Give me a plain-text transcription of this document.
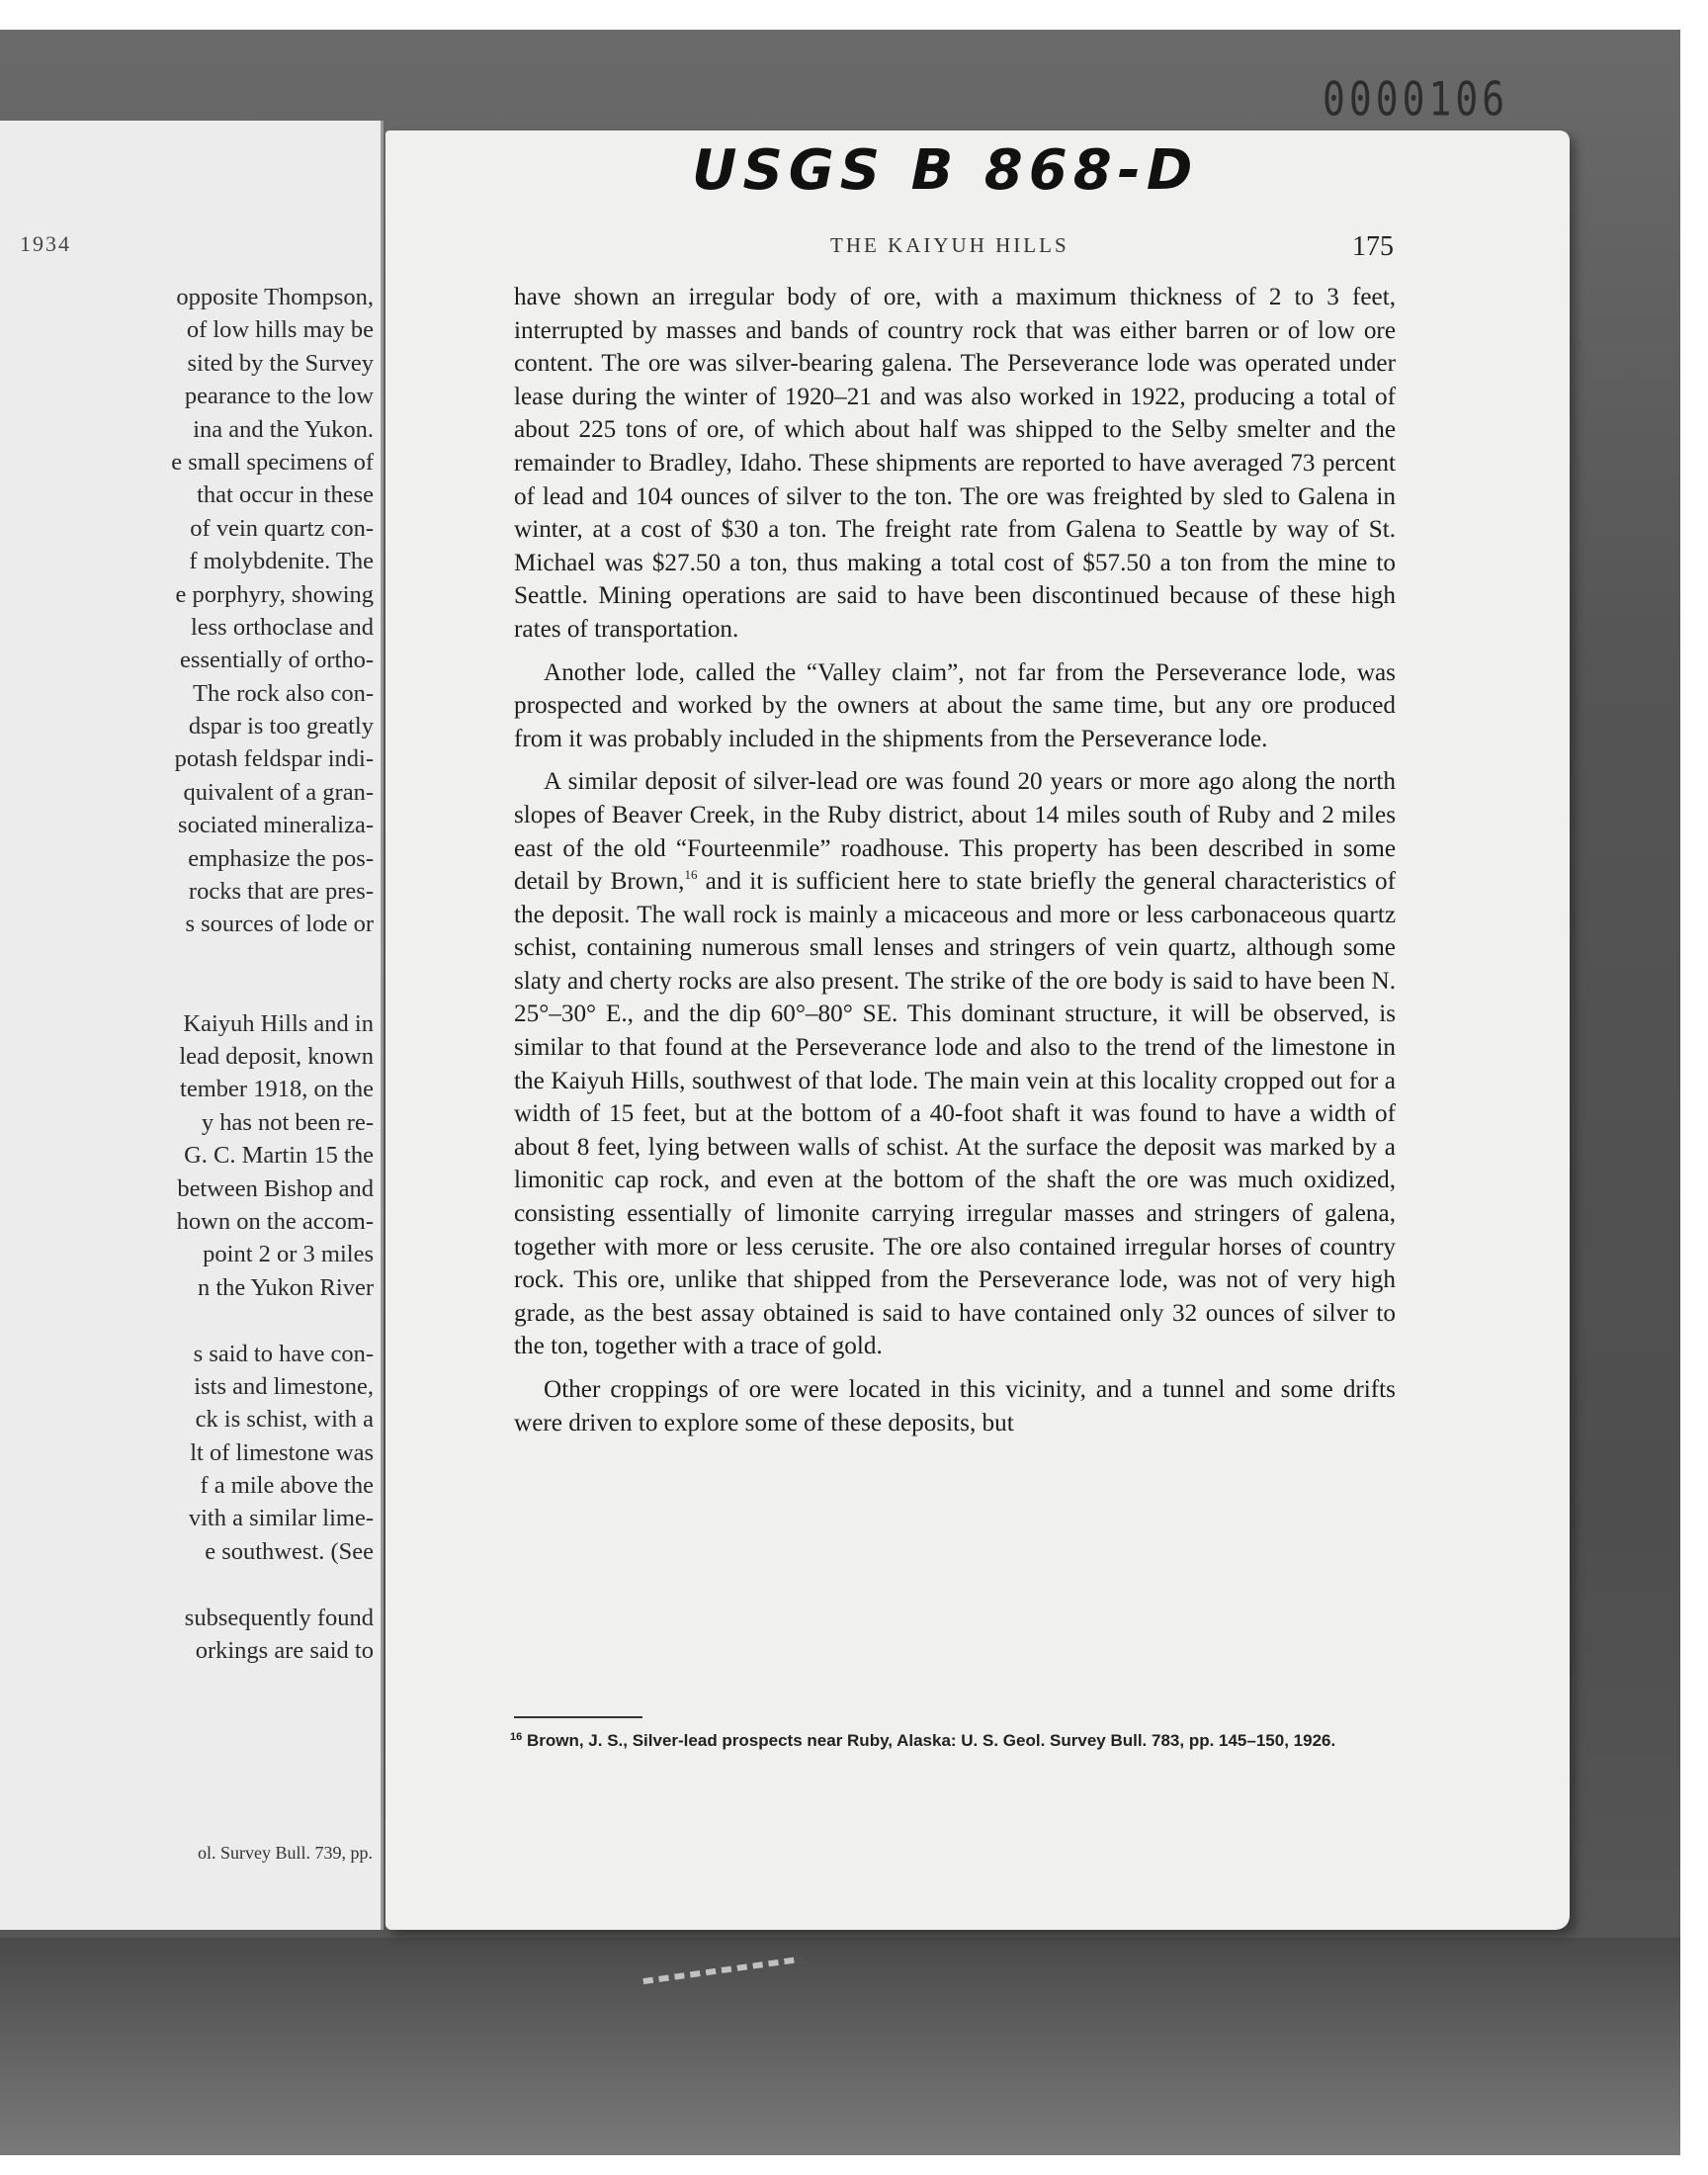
0000106
1934
opposite Thompson,
of low hills may be
sited by the Survey
pearance to the low
ina and the Yukon.
e small specimens of
that occur in these
of vein quartz con-
f molybdenite. The
e porphyry, showing
less orthoclase and
essentially of ortho-
The rock also con-
dspar is too greatly
potash feldspar indi-
quivalent of a gran-
sociated mineraliza-
emphasize the pos-
rocks that are pres-
s sources of lode or
Kaiyuh Hills and in
lead deposit, known
tember 1918, on the
y has not been re-
G. C. Martin 15 the
between Bishop and
hown on the accom-
point 2 or 3 miles
n the Yukon River
s said to have con-
ists and limestone,
ck is schist, with a
lt of limestone was
f a mile above the
vith a similar lime-
e southwest. (See
subsequently found
orkings are said to
ol. Survey Bull. 739, pp.
USGS B 868-D
THE KAIYUH HILLS	175

have shown an irregular body of ore, with a maximum thickness of 2 to 3 feet, interrupted by masses and bands of country rock that was either barren or of low ore content. The ore was silver-bearing galena. The Perseverance lode was operated under lease during the winter of 1920–21 and was also worked in 1922, producing a total of about 225 tons of ore, of which about half was shipped to the Selby smelter and the remainder to Bradley, Idaho. These shipments are reported to have averaged 73 percent of lead and 104 ounces of silver to the ton. The ore was freighted by sled to Galena in winter, at a cost of $30 a ton. The freight rate from Galena to Seattle by way of St. Michael was $27.50 a ton, thus making a total cost of $57.50 a ton from the mine to Seattle. Mining operations are said to have been discontinued because of these high rates of transportation.

Another lode, called the “Valley claim”, not far from the Perseverance lode, was prospected and worked by the owners at about the same time, but any ore produced from it was probably included in the shipments from the Perseverance lode.

A similar deposit of silver-lead ore was found 20 years or more ago along the north slopes of Beaver Creek, in the Ruby district, about 14 miles south of Ruby and 2 miles east of the old “Fourteenmile” roadhouse. This property has been described in some detail by Brown,$^{16}$ and it is sufficient here to state briefly the general characteristics of the deposit. The wall rock is mainly a micaceous and more or less carbonaceous quartz schist, containing numerous small lenses and stringers of vein quartz, although some slaty and cherty rocks are also present. The strike of the ore body is said to have been N. 25°–30° E., and the dip 60°–80° SE. This dominant structure, it will be observed, is similar to that found at the Perseverance lode and also to the trend of the limestone in the Kaiyuh Hills, southwest of that lode. The main vein at this locality cropped out for a width of 15 feet, but at the bottom of a 40-foot shaft it was found to have a width of about 8 feet, lying between walls of schist. At the surface the deposit was marked by a limonitic cap rock, and even at the bottom of the shaft the ore was much oxidized, consisting essentially of limonite carrying irregular masses and stringers of galena, together with more or less cerusite. The ore also contained irregular horses of country rock. This ore, unlike that shipped from the Perseverance lode, was not of very high grade, as the best assay obtained is said to have contained only 32 ounces of silver to the ton, together with a trace of gold.

Other croppings of ore were located in this vicinity, and a tunnel and some drifts were driven to explore some of these deposits, but

$^{16}$ Brown, J. S., Silver-lead prospects near Ruby, Alaska: U. S. Geol. Survey Bull. 783, pp. 145–150, 1926.
